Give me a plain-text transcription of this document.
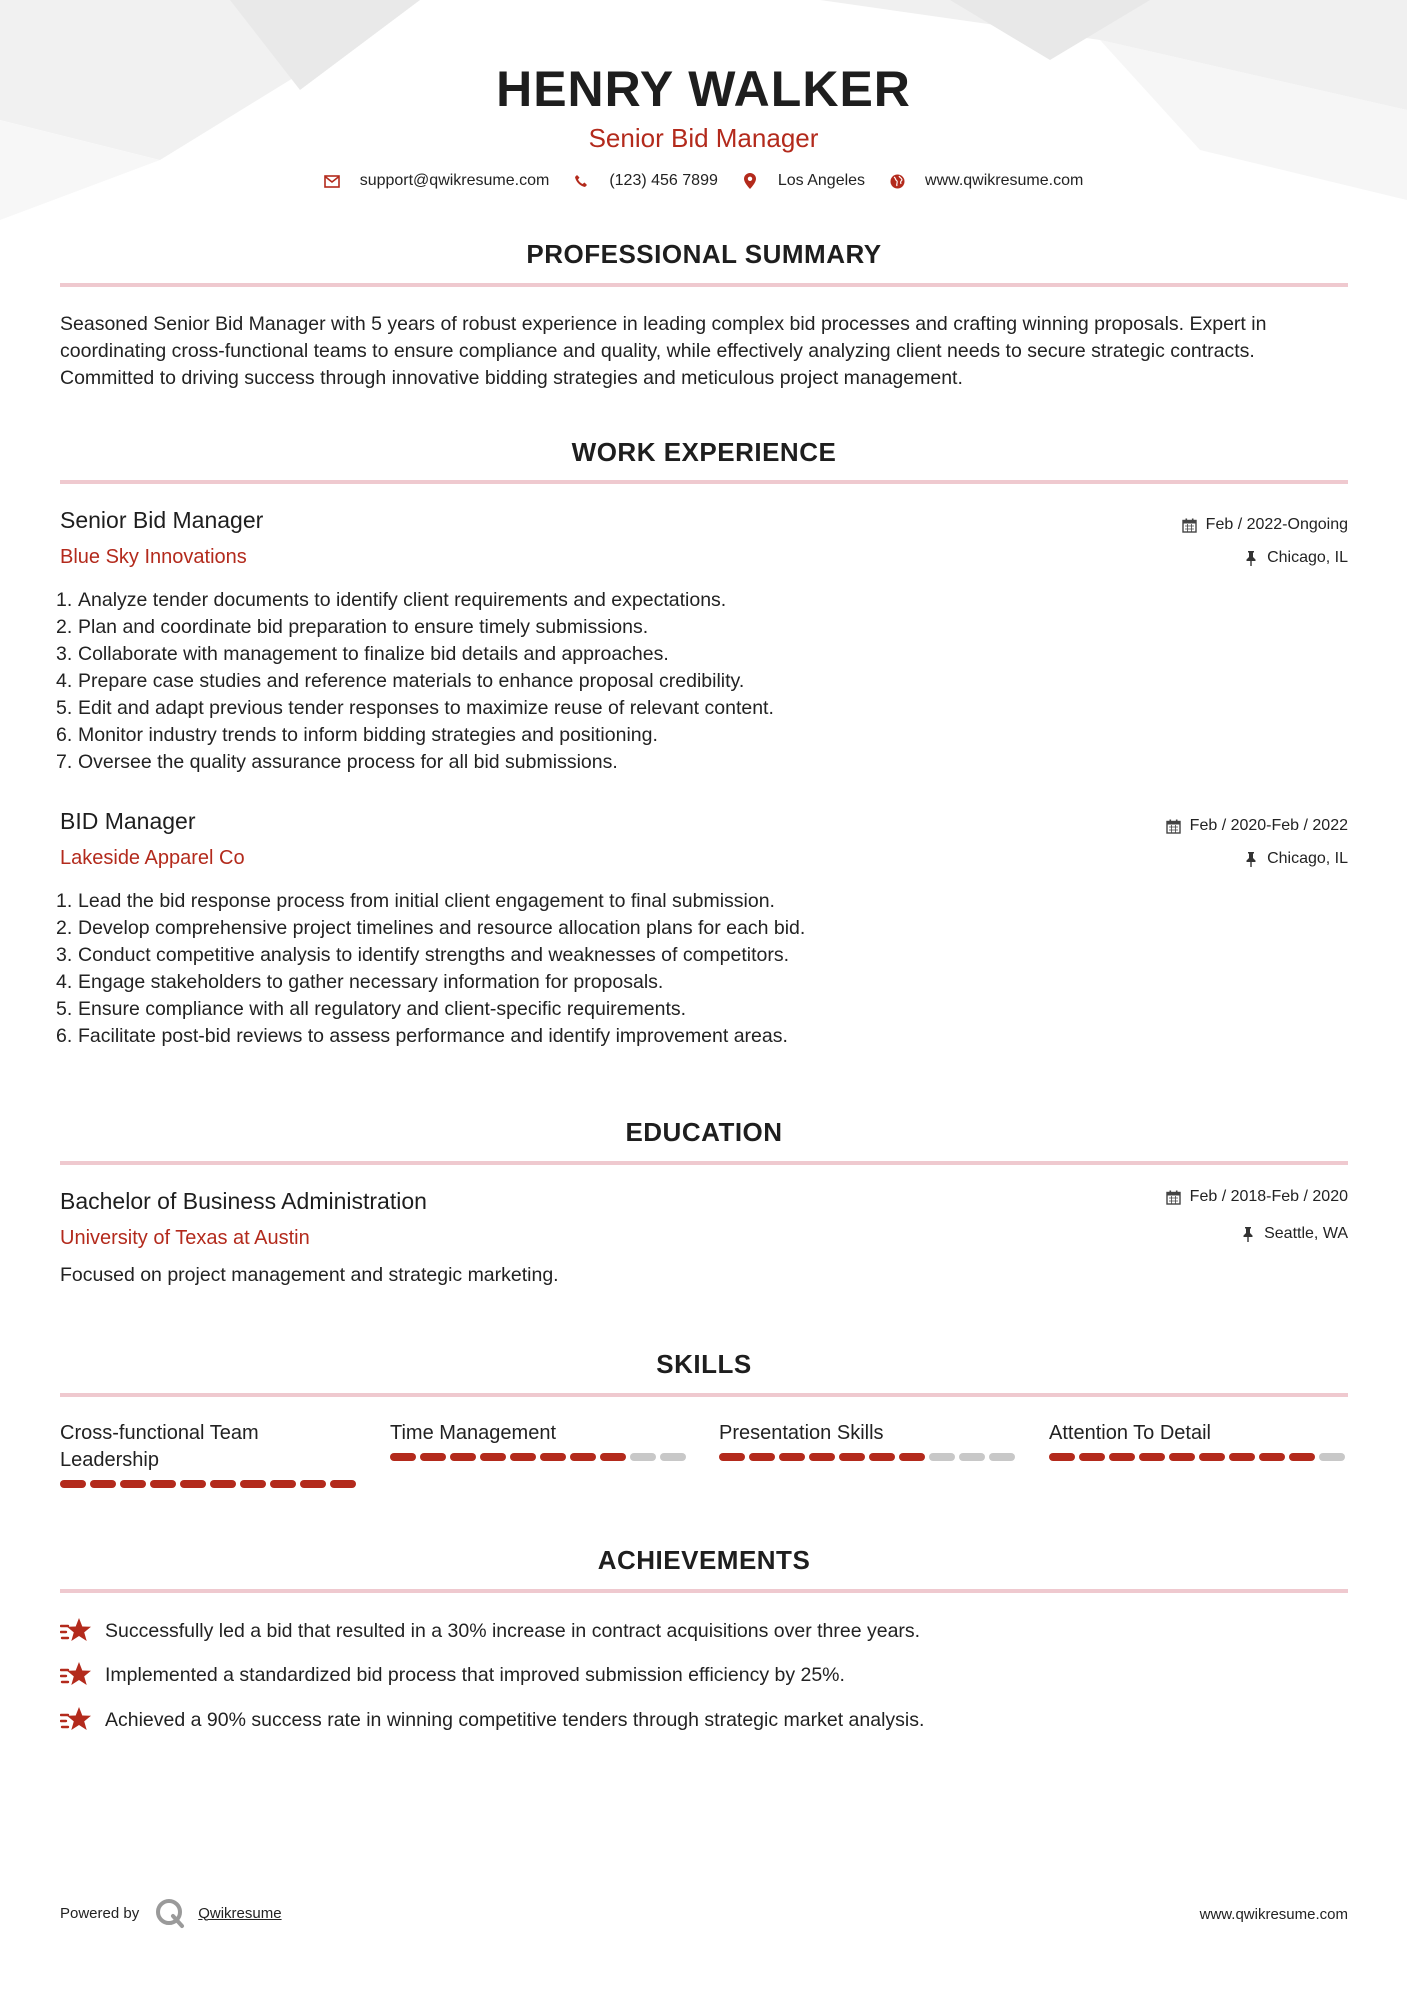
HENRY WALKER
Senior Bid Manager
support@qwikresume.com	(123) 456 7899	Los Angeles	www.qwikresume.com
PROFESSIONAL SUMMARY
Seasoned Senior Bid Manager with 5 years of robust experience in leading complex bid processes and crafting winning proposals. Expert in coordinating cross-functional teams to ensure compliance and quality, while effectively analyzing client needs to secure strategic contracts. Committed to driving success through innovative bidding strategies and meticulous project management.
WORK EXPERIENCE
Senior Bid Manager
Blue Sky Innovations
Feb / 2022-Ongoing
Chicago, IL
1. Analyze tender documents to identify client requirements and expectations.
2. Plan and coordinate bid preparation to ensure timely submissions.
3. Collaborate with management to finalize bid details and approaches.
4. Prepare case studies and reference materials to enhance proposal credibility.
5. Edit and adapt previous tender responses to maximize reuse of relevant content.
6. Monitor industry trends to inform bidding strategies and positioning.
7. Oversee the quality assurance process for all bid submissions.
BID Manager
Lakeside Apparel Co
Feb / 2020-Feb / 2022
Chicago, IL
1. Lead the bid response process from initial client engagement to final submission.
2. Develop comprehensive project timelines and resource allocation plans for each bid.
3. Conduct competitive analysis to identify strengths and weaknesses of competitors.
4. Engage stakeholders to gather necessary information for proposals.
5. Ensure compliance with all regulatory and client-specific requirements.
6. Facilitate post-bid reviews to assess performance and identify improvement areas.
EDUCATION
Bachelor of Business Administration
University of Texas at Austin
Feb / 2018-Feb / 2020
Seattle, WA
Focused on project management and strategic marketing.
SKILLS
Cross-functional Team Leadership
Time Management	Presentation Skills	Attention To Detail
ACHIEVEMENTS
Successfully led a bid that resulted in a 30% increase in contract acquisitions over three years.
Implemented a standardized bid process that improved submission efficiency by 25%.
Achieved a 90% success rate in winning competitive tenders through strategic market analysis.
Powered by	Qwikresume	www.qwikresume.com
